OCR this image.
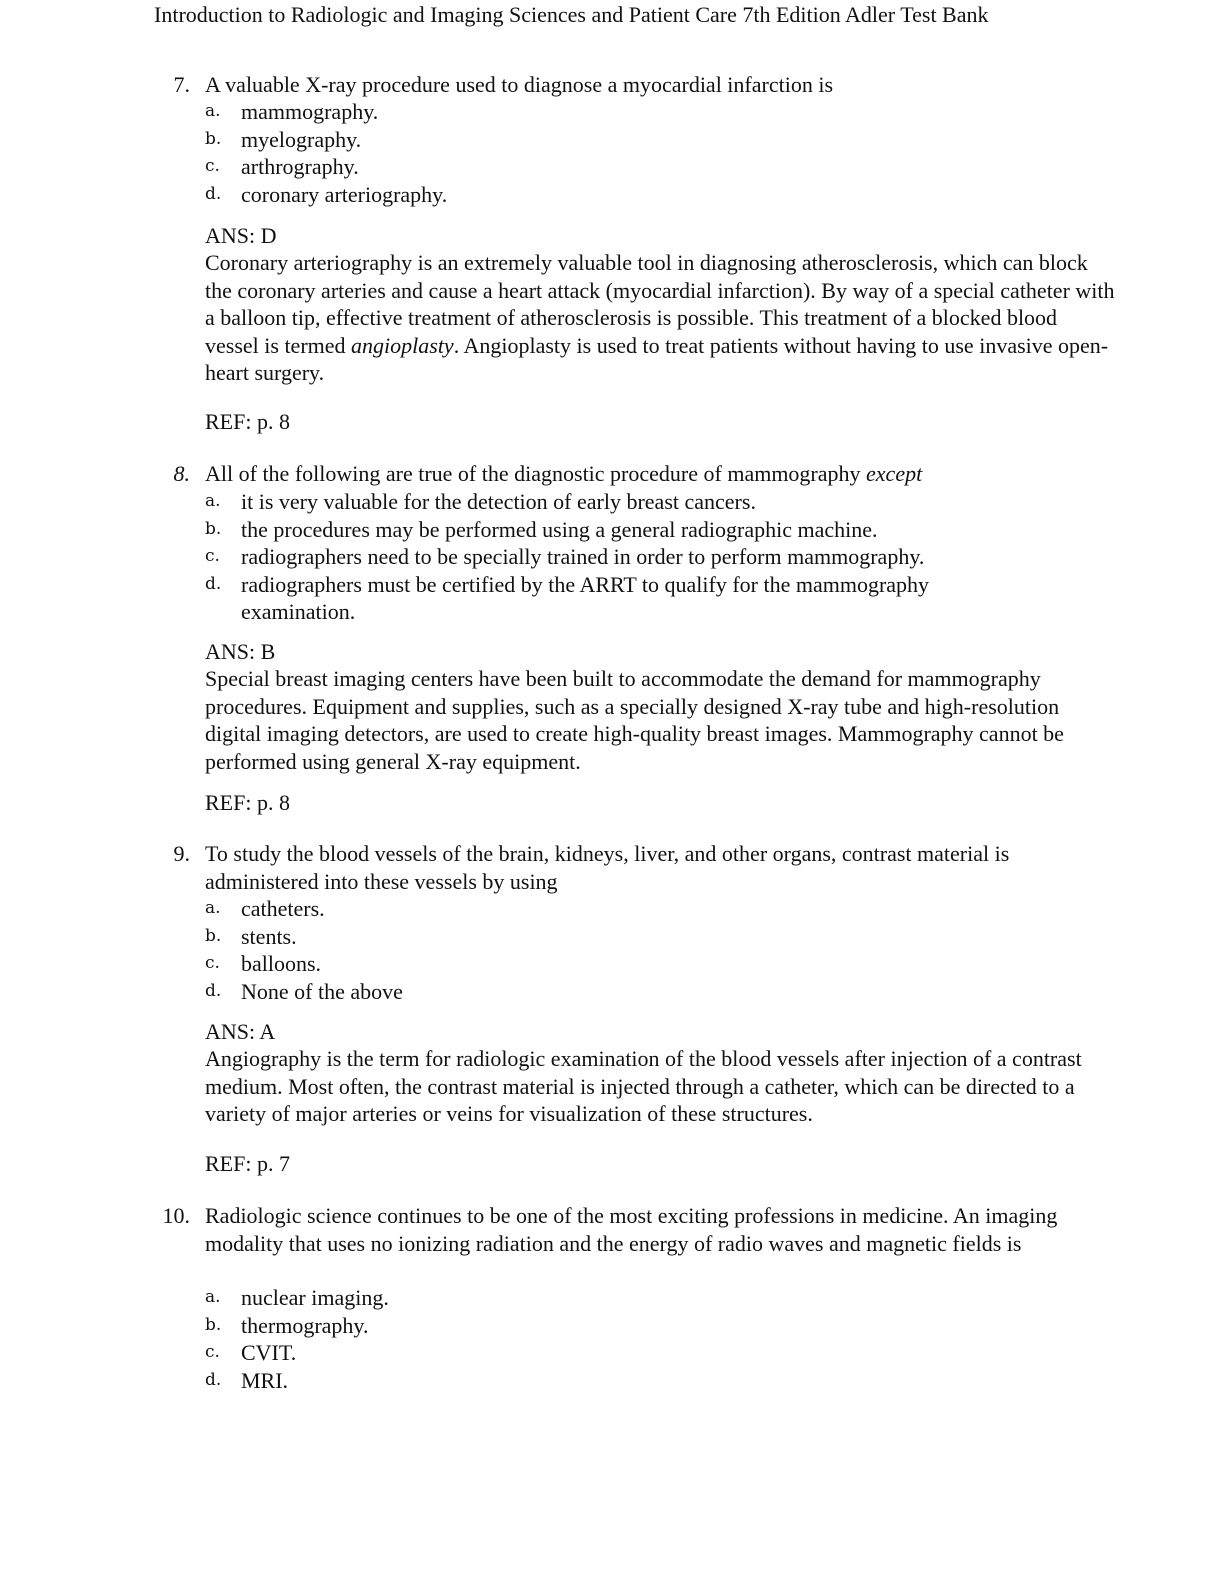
Introduction to Radiologic and Imaging Sciences and Patient Care 7th Edition Adler Test Bank
7. A valuable X-ray procedure used to diagnose a myocardial infarction is
a. mammography.
b. myelography.
c. arthrography.
d. coronary arteriography.
ANS: D
Coronary arteriography is an extremely valuable tool in diagnosing atherosclerosis, which can block the coronary arteries and cause a heart attack (myocardial infarction). By way of a special catheter with a balloon tip, effective treatment of atherosclerosis is possible. This treatment of a blocked blood vessel is termed angioplasty. Angioplasty is used to treat patients without having to use invasive open-heart surgery.
REF: p. 8
8. All of the following are true of the diagnostic procedure of mammography except
a. it is very valuable for the detection of early breast cancers.
b. the procedures may be performed using a general radiographic machine.
c. radiographers need to be specially trained in order to perform mammography.
d. radiographers must be certified by the ARRT to qualify for the mammography examination.
ANS: B
Special breast imaging centers have been built to accommodate the demand for mammography procedures. Equipment and supplies, such as a specially designed X-ray tube and high-resolution digital imaging detectors, are used to create high-quality breast images. Mammography cannot be performed using general X-ray equipment.
REF: p. 8
9. To study the blood vessels of the brain, kidneys, liver, and other organs, contrast material is administered into these vessels by using
a. catheters.
b. stents.
c. balloons.
d. None of the above
ANS: A
Angiography is the term for radiologic examination of the blood vessels after injection of a contrast medium. Most often, the contrast material is injected through a catheter, which can be directed to a variety of major arteries or veins for visualization of these structures.
REF: p. 7
10. Radiologic science continues to be one of the most exciting professions in medicine. An imaging modality that uses no ionizing radiation and the energy of radio waves and magnetic fields is
a. nuclear imaging.
b. thermography.
c. CVIT.
d. MRI.
